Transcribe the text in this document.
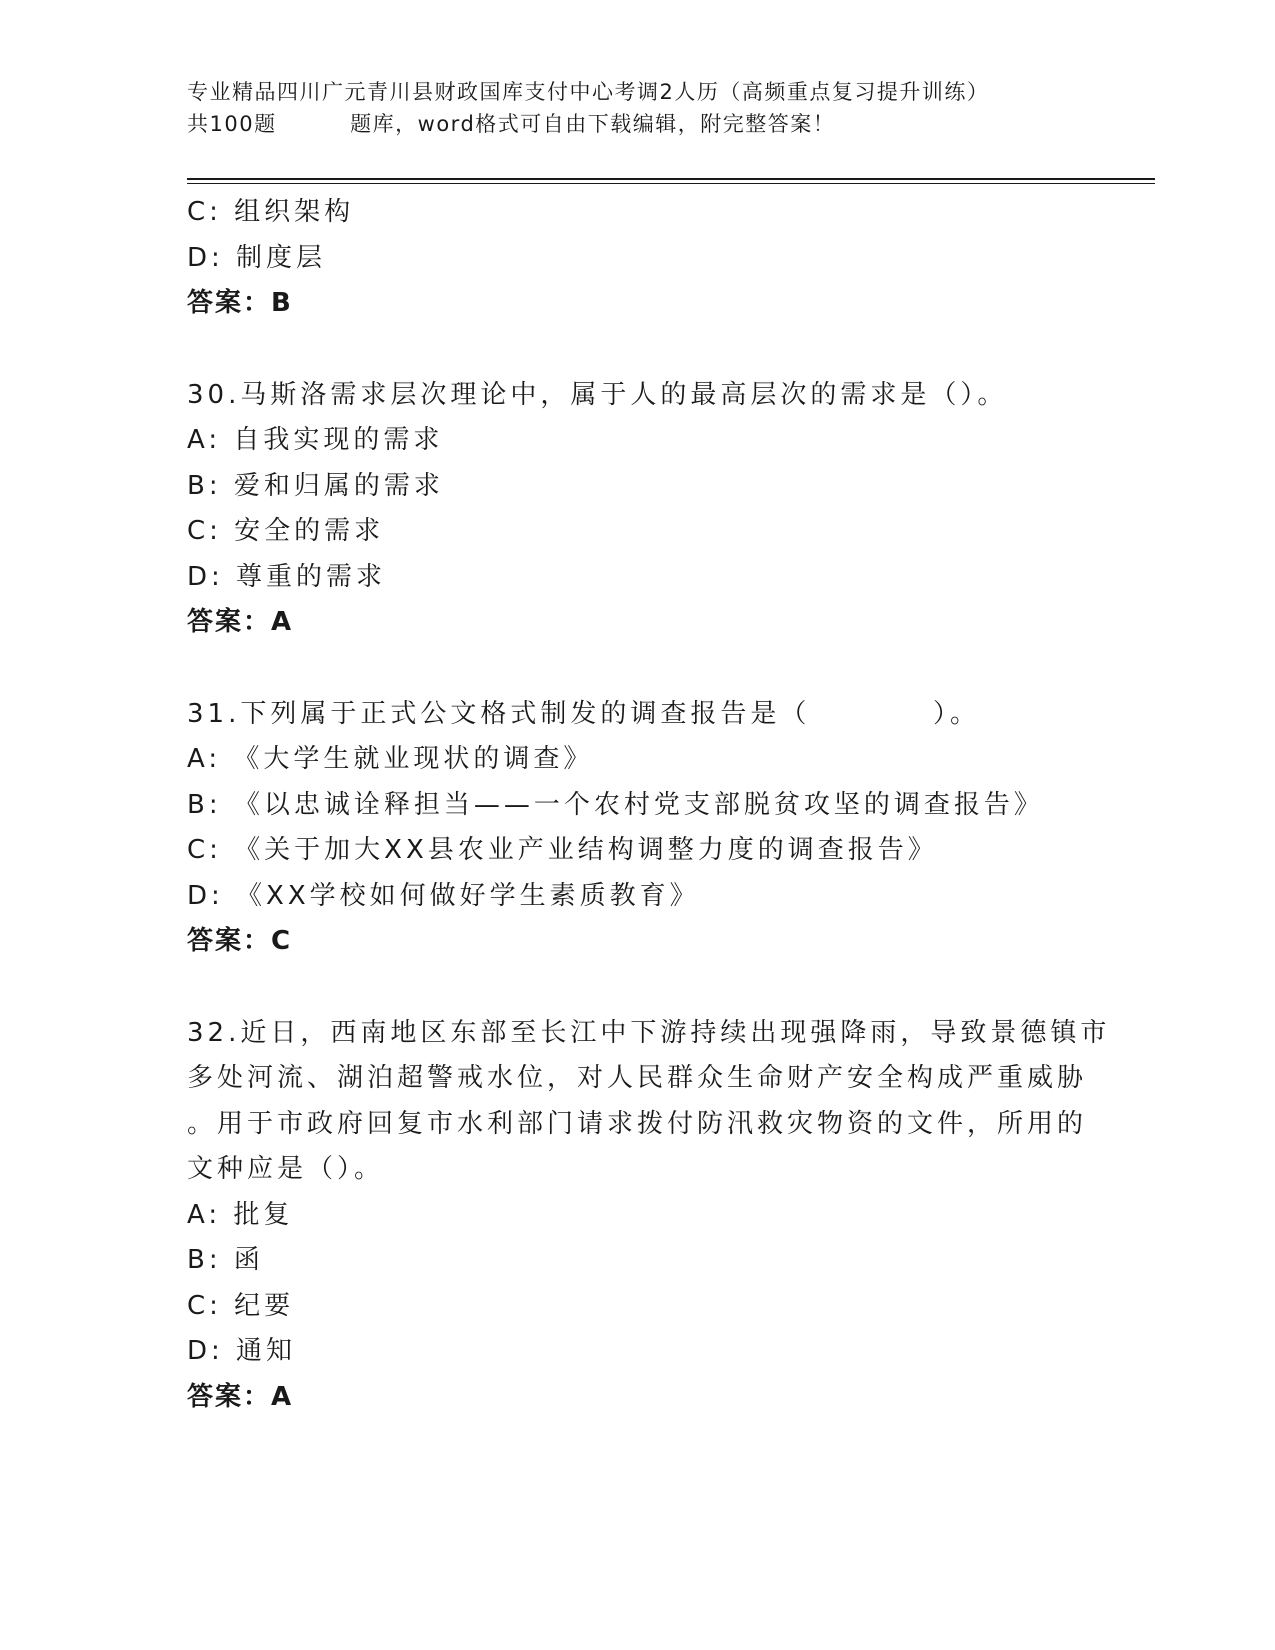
专业精品四川广元青川县财政国库支付中心考调2人历（高频重点复习提升训练）
共100题         题库，word格式可自由下载编辑，附完整答案！
C: 组织架构
D: 制度层
答案：B
30.马斯洛需求层次理论中，属于人的最高层次的需求是（）。
A: 自我实现的需求
B: 爱和归属的需求
C: 安全的需求
D: 尊重的需求
答案：A
31.下列属于正式公文格式制发的调查报告是（          ）。
A: 《大学生就业现状的调查》
B: 《以忠诚诠释担当——一个农村党支部脱贫攻坚的调查报告》
C: 《关于加大XX县农业产业结构调整力度的调查报告》
D: 《XX学校如何做好学生素质教育》
答案：C
32.近日，西南地区东部至长江中下游持续出现强降雨，导致景德镇市
多处河流、湖泊超警戒水位，对人民群众生命财产安全构成严重威胁
。用于市政府回复市水利部门请求拨付防汛救灾物资的文件，所用的
文种应是（）。
A: 批复
B: 函
C: 纪要
D: 通知
答案：A
